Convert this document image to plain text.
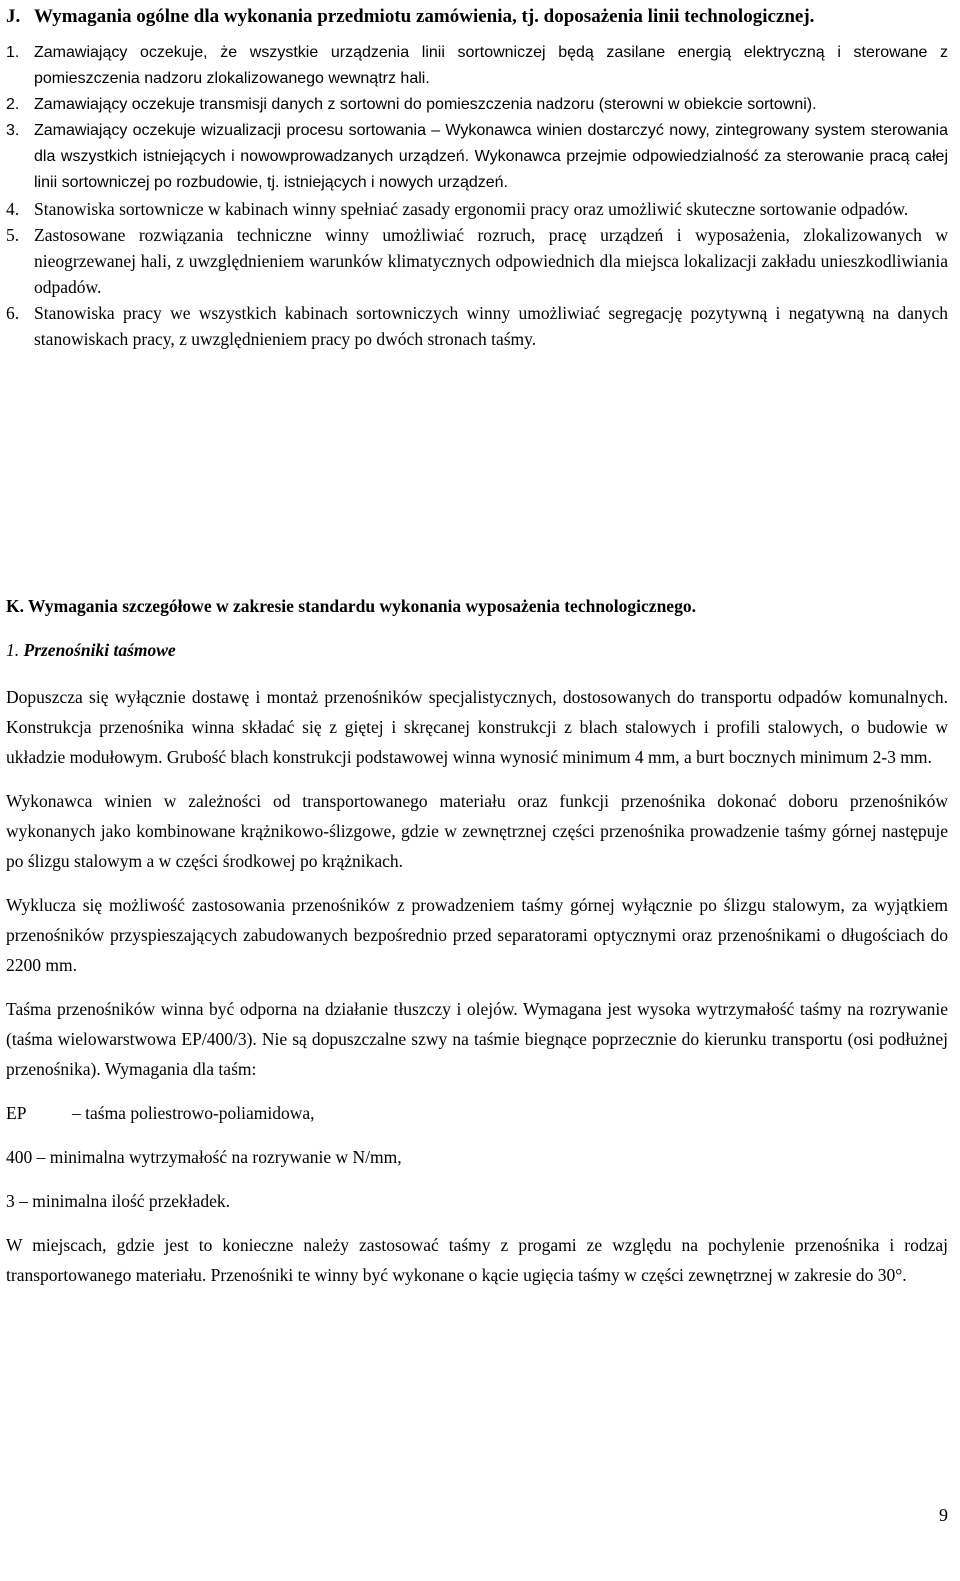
J. Wymagania ogólne dla wykonania przedmiotu zamówienia, tj. doposażenia linii technologicznej.
1. Zamawiający oczekuje, że wszystkie urządzenia linii sortowniczej będą zasilane energią elektryczną i sterowane z pomieszczenia nadzoru zlokalizowanego wewnątrz hali.
2. Zamawiający oczekuje transmisji danych z sortowni do pomieszczenia nadzoru (sterowni w obiekcie sortowni).
3. Zamawiający oczekuje wizualizacji procesu sortowania – Wykonawca winien dostarczyć nowy, zintegrowany system sterowania dla wszystkich istniejących i nowowprowadzanych urządzeń. Wykonawca przejmie odpowiedzialność za sterowanie pracą całej linii sortowniczej po rozbudowie, tj. istniejących i nowych urządzeń.
4. Stanowiska sortownicze w kabinach winny spełniać zasady ergonomii pracy oraz umożliwić skuteczne sortowanie odpadów.
5. Zastosowane rozwiązania techniczne winny umożliwiać rozruch, pracę urządzeń i wyposażenia, zlokalizowanych w nieogrzewanej hali, z uwzględnieniem warunków klimatycznych odpowiednich dla miejsca lokalizacji zakładu unieszkodliwiania odpadów.
6. Stanowiska pracy we wszystkich kabinach sortowniczych winny umożliwiać segregację pozytywną i negatywną na danych stanowiskach pracy, z uwzględnieniem pracy po dwóch stronach taśmy.
K. Wymagania szczegółowe w zakresie standardu wykonania wyposażenia technologicznego.
1. Przenośniki taśmowe

Dopuszcza się wyłącznie dostawę i montaż przenośników specjalistycznych, dostosowanych do transportu odpadów komunalnych. Konstrukcja przenośnika winna składać się z giętej i skręcanej konstrukcji z blach stalowych i profili stalowych, o budowie w układzie modułowym. Grubość blach konstrukcji podstawowej winna wynosić minimum 4 mm, a burt bocznych minimum 2-3 mm.

Wykonawca winien w zależności od transportowanego materiału oraz funkcji przenośnika dokonać doboru przenośników wykonanych jako kombinowane krążnikowo-ślizgowe, gdzie w zewnętrznej części przenośnika prowadzenie taśmy górnej następuje po ślizgu stalowym a w części środkowej po krążnikach.

Wyklucza się możliwość zastosowania przenośników z prowadzeniem taśmy górnej wyłącznie po ślizgu stalowym, za wyjątkiem przenośników przyspieszających zabudowanych bezpośrednio przed separatorami optycznymi oraz przenośnikami o długościach do 2200 mm.

Taśma przenośników winna być odporna na działanie tłuszczy i olejów. Wymagana jest wysoka wytrzymałość taśmy na rozrywanie (taśma wielowarstwowa EP/400/3). Nie są dopuszczalne szwy na taśmie biegnące poprzecznie do kierunku transportu (osi podłużnej przenośnika). Wymagania dla taśm:

EP	– taśma poliestrowo-poliamidowa,
400 – minimalna wytrzymałość na rozrywanie w N/mm,
3 – minimalna ilość przekładek.

W miejscach, gdzie jest to konieczne należy zastosować taśmy z progami ze względu na pochylenie przenośnika i rodzaj transportowanego materiału. Przenośniki te winny być wykonane o kącie ugięcia taśmy w części zewnętrznej w zakresie do 30°.

9
